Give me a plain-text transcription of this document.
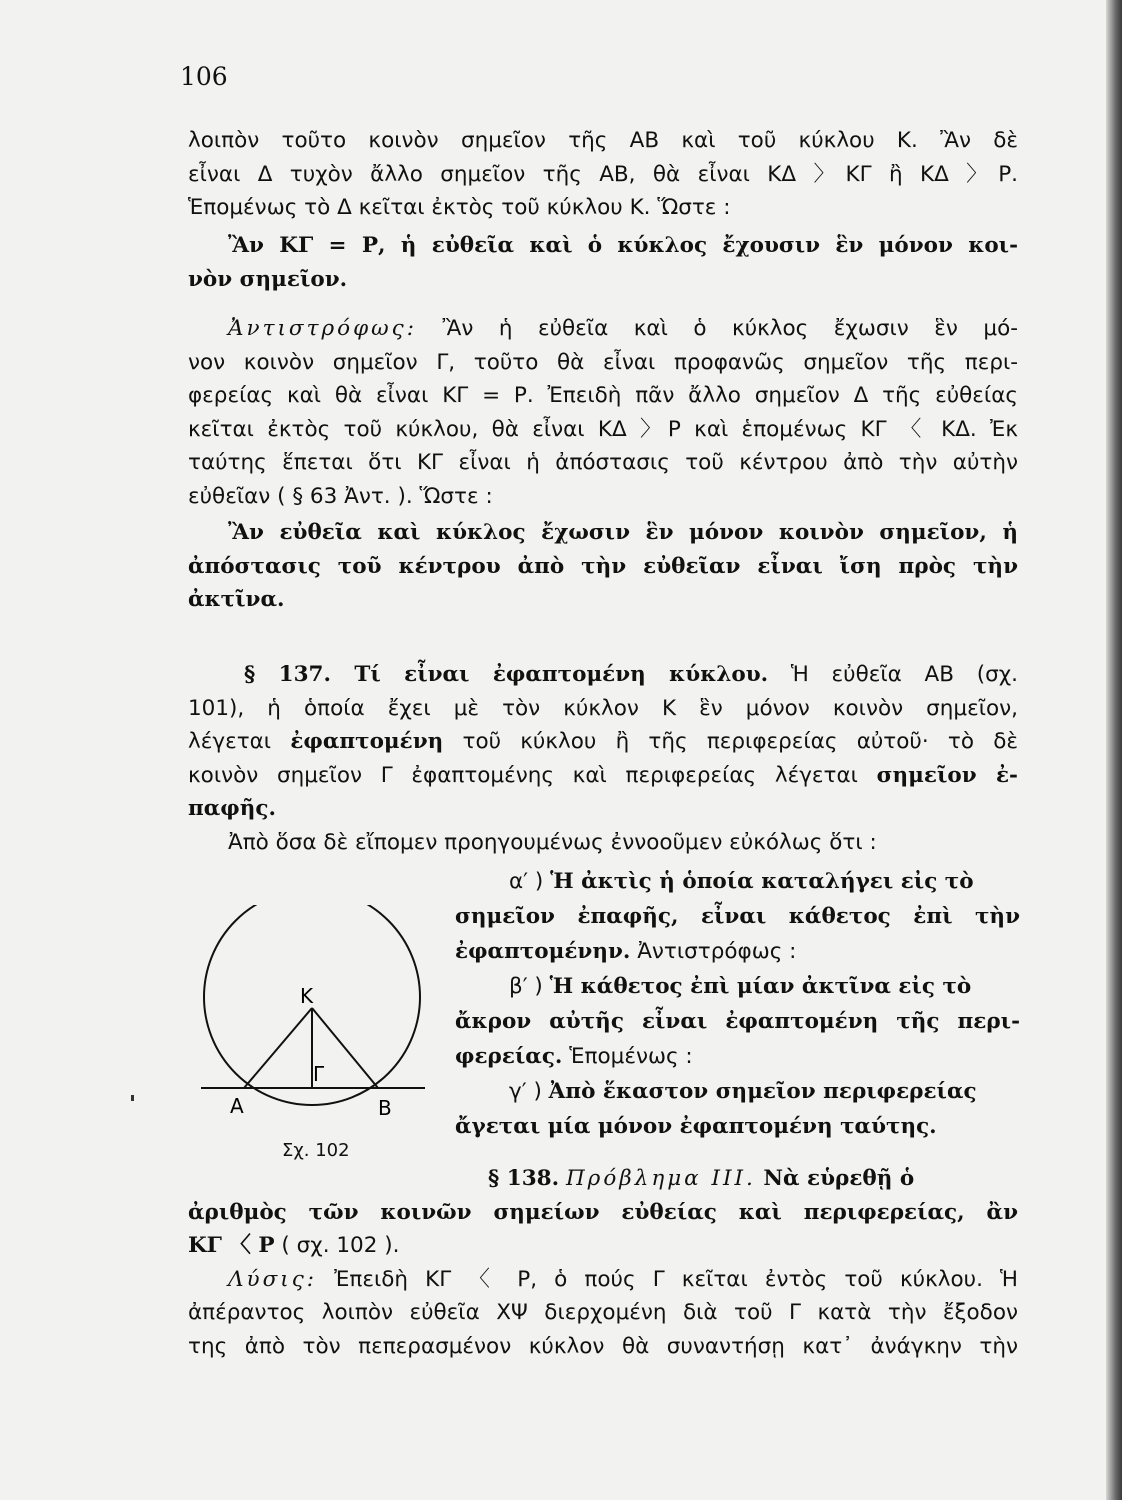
106
λοιπὸν τοῦτο κοινὸν σημεῖον τῆς ΑΒ καὶ τοῦ κύκλου Κ. Ἂν δὲ
εἶναι Δ τυχὸν ἄλλο σημεῖον τῆς ΑΒ, θὰ εἶναι ΚΔ 〉ΚΓ ἢ ΚΔ 〉Ρ.
Ἑπομένως τὸ Δ κεῖται ἐκτὸς τοῦ κύκλου Κ. Ὥστε :
Ἂν ΚΓ = Ρ, ἡ εὐθεῖα καὶ ὁ κύκλος ἔχουσιν ἓν μόνον κοι-
νὸν σημεῖον.
Ἀντιστρόφως: Ἂν ἡ εὐθεῖα καὶ ὁ κύκλος ἔχωσιν ἓν μό-
νον κοινὸν σημεῖον Γ, τοῦτο θὰ εἶναι προφανῶς σημεῖον τῆς περι-
φερείας καὶ θὰ εἶναι ΚΓ = Ρ. Ἐπειδὴ πᾶν ἄλλο σημεῖον Δ τῆς εὐθείας
κεῖται ἐκτὸς τοῦ κύκλου, θὰ εἶναι ΚΔ 〉Ρ καὶ ἑπομένως ΚΓ 〈 ΚΔ. Ἐκ
ταύτης ἕπεται ὅτι ΚΓ εἶναι ἡ ἀπόστασις τοῦ κέντρου ἀπὸ τὴν αὐτὴν
εὐθεῖαν ( § 63 Ἀντ. ). Ὥστε :
Ἂν εὐθεῖα καὶ κύκλος ἔχωσιν ἓν μόνον κοινὸν σημεῖον, ἡ
ἀπόστασις τοῦ κέντρου ἀπὸ τὴν εὐθεῖαν εἶναι ἴση πρὸς τὴν
ἀκτῖνα.
§ 137. Τί εἶναι ἐφαπτομένη κύκλου. Ἡ εὐθεῖα ΑΒ (σχ.
101), ἡ ὁποία ἔχει μὲ τὸν κύκλον Κ ἓν μόνον κοινὸν σημεῖον,
λέγεται ἐφαπτομένη τοῦ κύκλου ἢ τῆς περιφερείας αὐτοῦ· τὸ δὲ
κοινὸν σημεῖον Γ ἐφαπτομένης καὶ περιφερείας λέγεται σημεῖον ἐ-
παφῆς.
Ἀπὸ ὅσα δὲ εἴπομεν προηγουμένως ἐννοοῦμεν εὐκόλως ὅτι :
α′ ) Ἡ ἀκτὶς ἡ ὁποία καταλήγει εἰς τὸ
σημεῖον ἐπαφῆς, εἶναι κάθετος ἐπὶ τὴν
ἐφαπτομένην. Ἀντιστρόφως :
β′ ) Ἡ κάθετος ἐπὶ μίαν ἀκτῖνα εἰς τὸ
ἄκρον αὐτῆς εἶναι ἐφαπτομένη τῆς περι-
φερείας. Ἑπομένως :
γ′ ) Ἀπὸ ἕκαστον σημεῖον περιφερείας
ἄγεται μία μόνον ἐφαπτομένη ταύτης.
Κ
Γ
Α	Β
Σχ. 102
§ 138. Πρόβλημα ΙΙΙ. Νὰ εὑρεθῇ ὁ
ἀριθμὸς τῶν κοινῶν σημείων εὐθείας καὶ περιφερείας, ἂν
ΚΓ 〈 Ρ ( σχ. 102 ).
Λύσις: Ἐπειδὴ ΚΓ 〈 Ρ, ὁ πούς Γ κεῖται ἐντὸς τοῦ κύκλου. Ἡ
ἀπέραντος λοιπὸν εὐθεῖα ΧΨ διερχομένη διὰ τοῦ Γ κατὰ τὴν ἔξοδον
της ἀπὸ τὸν πεπερασμένον κύκλον θὰ συναντήσῃ κατ᾽ ἀνάγκην τὴν
